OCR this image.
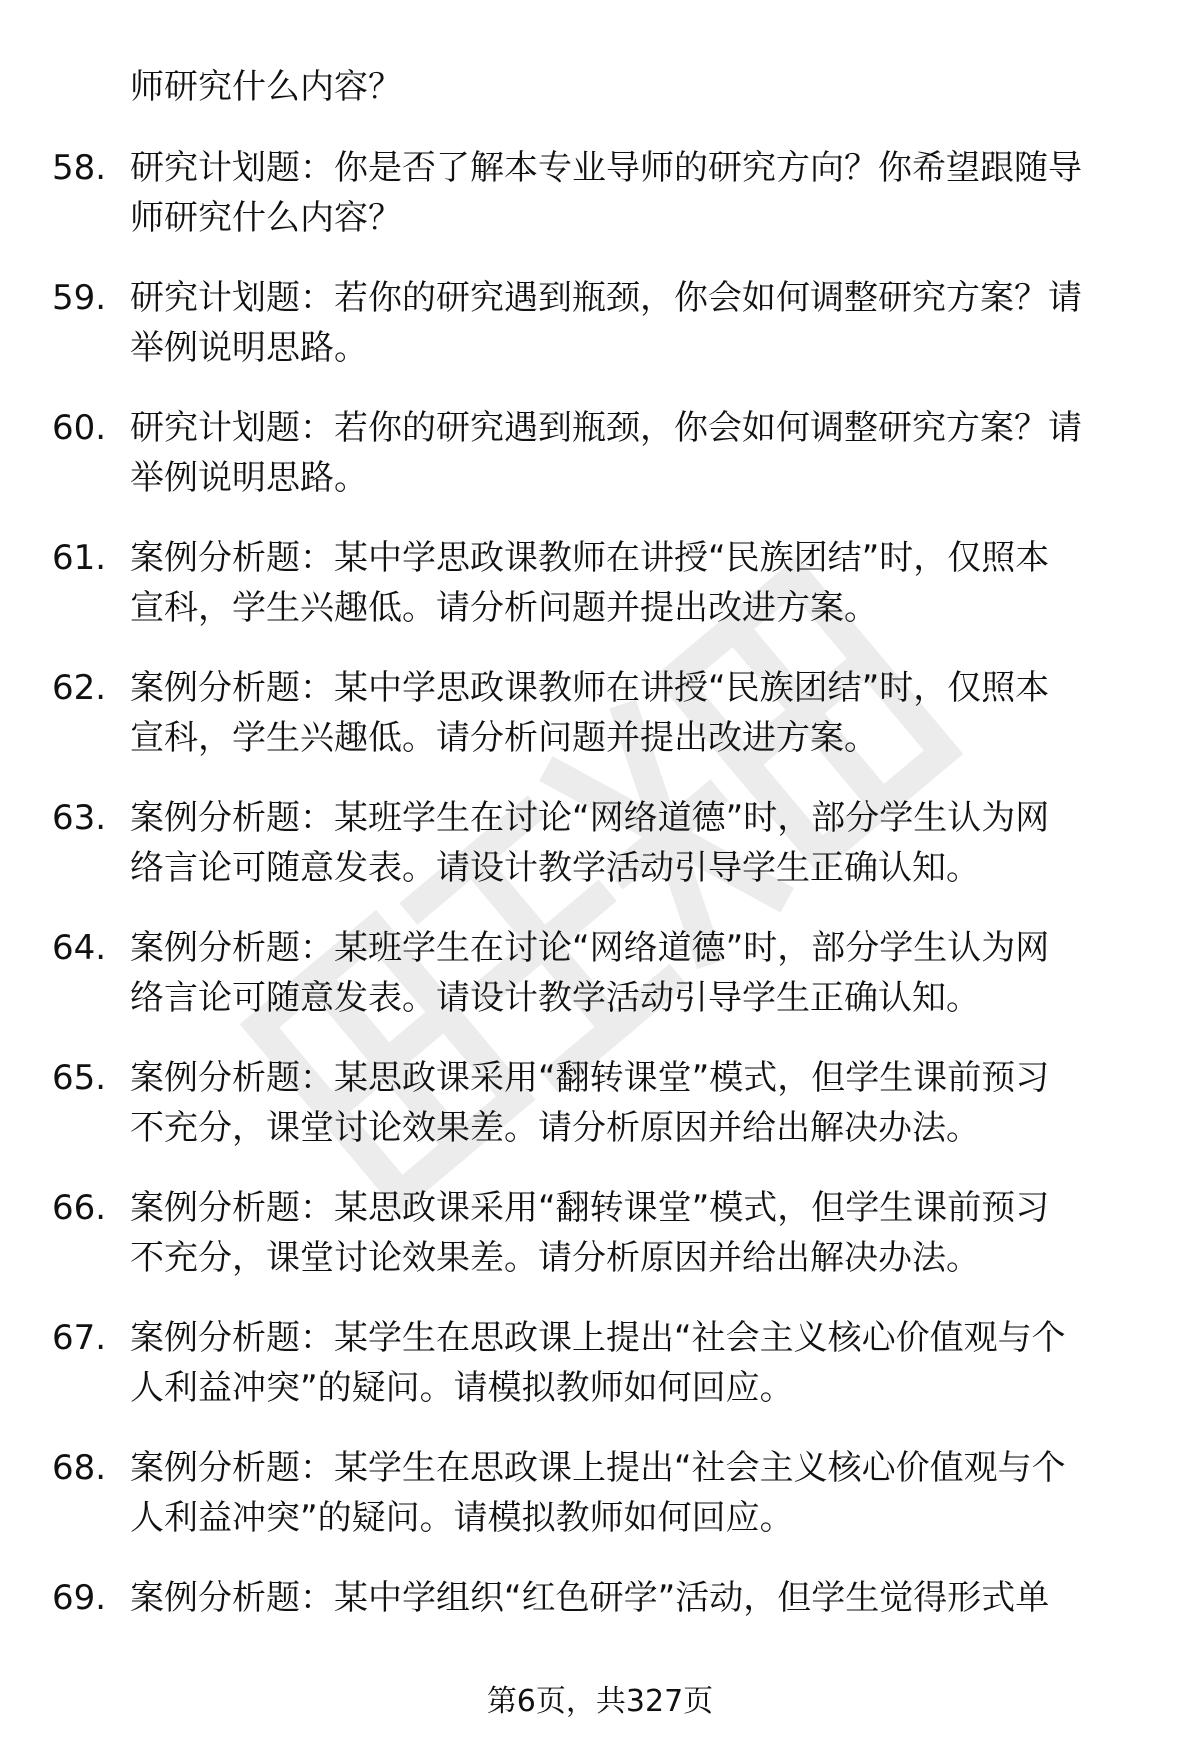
师研究什么内容？
58. 研究计划题：你是否了解本专业导师的研究方向？你希望跟随导
师研究什么内容？
59. 研究计划题：若你的研究遇到瓶颈，你会如何调整研究方案？请
举例说明思路。
60. 研究计划题：若你的研究遇到瓶颈，你会如何调整研究方案？请
举例说明思路。
61. 案例分析题：某中学思政课教师在讲授“民族团结”时，仅照本
宣科，学生兴趣低。请分析问题并提出改进方案。
62. 案例分析题：某中学思政课教师在讲授“民族团结”时，仅照本
宣科，学生兴趣低。请分析问题并提出改进方案。
63. 案例分析题：某班学生在讨论“网络道德”时，部分学生认为网
络言论可随意发表。请设计教学活动引导学生正确认知。
64. 案例分析题：某班学生在讨论“网络道德”时，部分学生认为网
络言论可随意发表。请设计教学活动引导学生正确认知。
65. 案例分析题：某思政课采用“翻转课堂”模式，但学生课前预习
不充分，课堂讨论效果差。请分析原因并给出解决办法。
66. 案例分析题：某思政课采用“翻转课堂”模式，但学生课前预习
不充分，课堂讨论效果差。请分析原因并给出解决办法。
67. 案例分析题：某学生在思政课上提出“社会主义核心价值观与个
人利益冲突”的疑问。请模拟教师如何回应。
68. 案例分析题：某学生在思政课上提出“社会主义核心价值观与个
人利益冲突”的疑问。请模拟教师如何回应。
69. 案例分析题：某中学组织“红色研学”活动，但学生觉得形式单
第6页，共327页
